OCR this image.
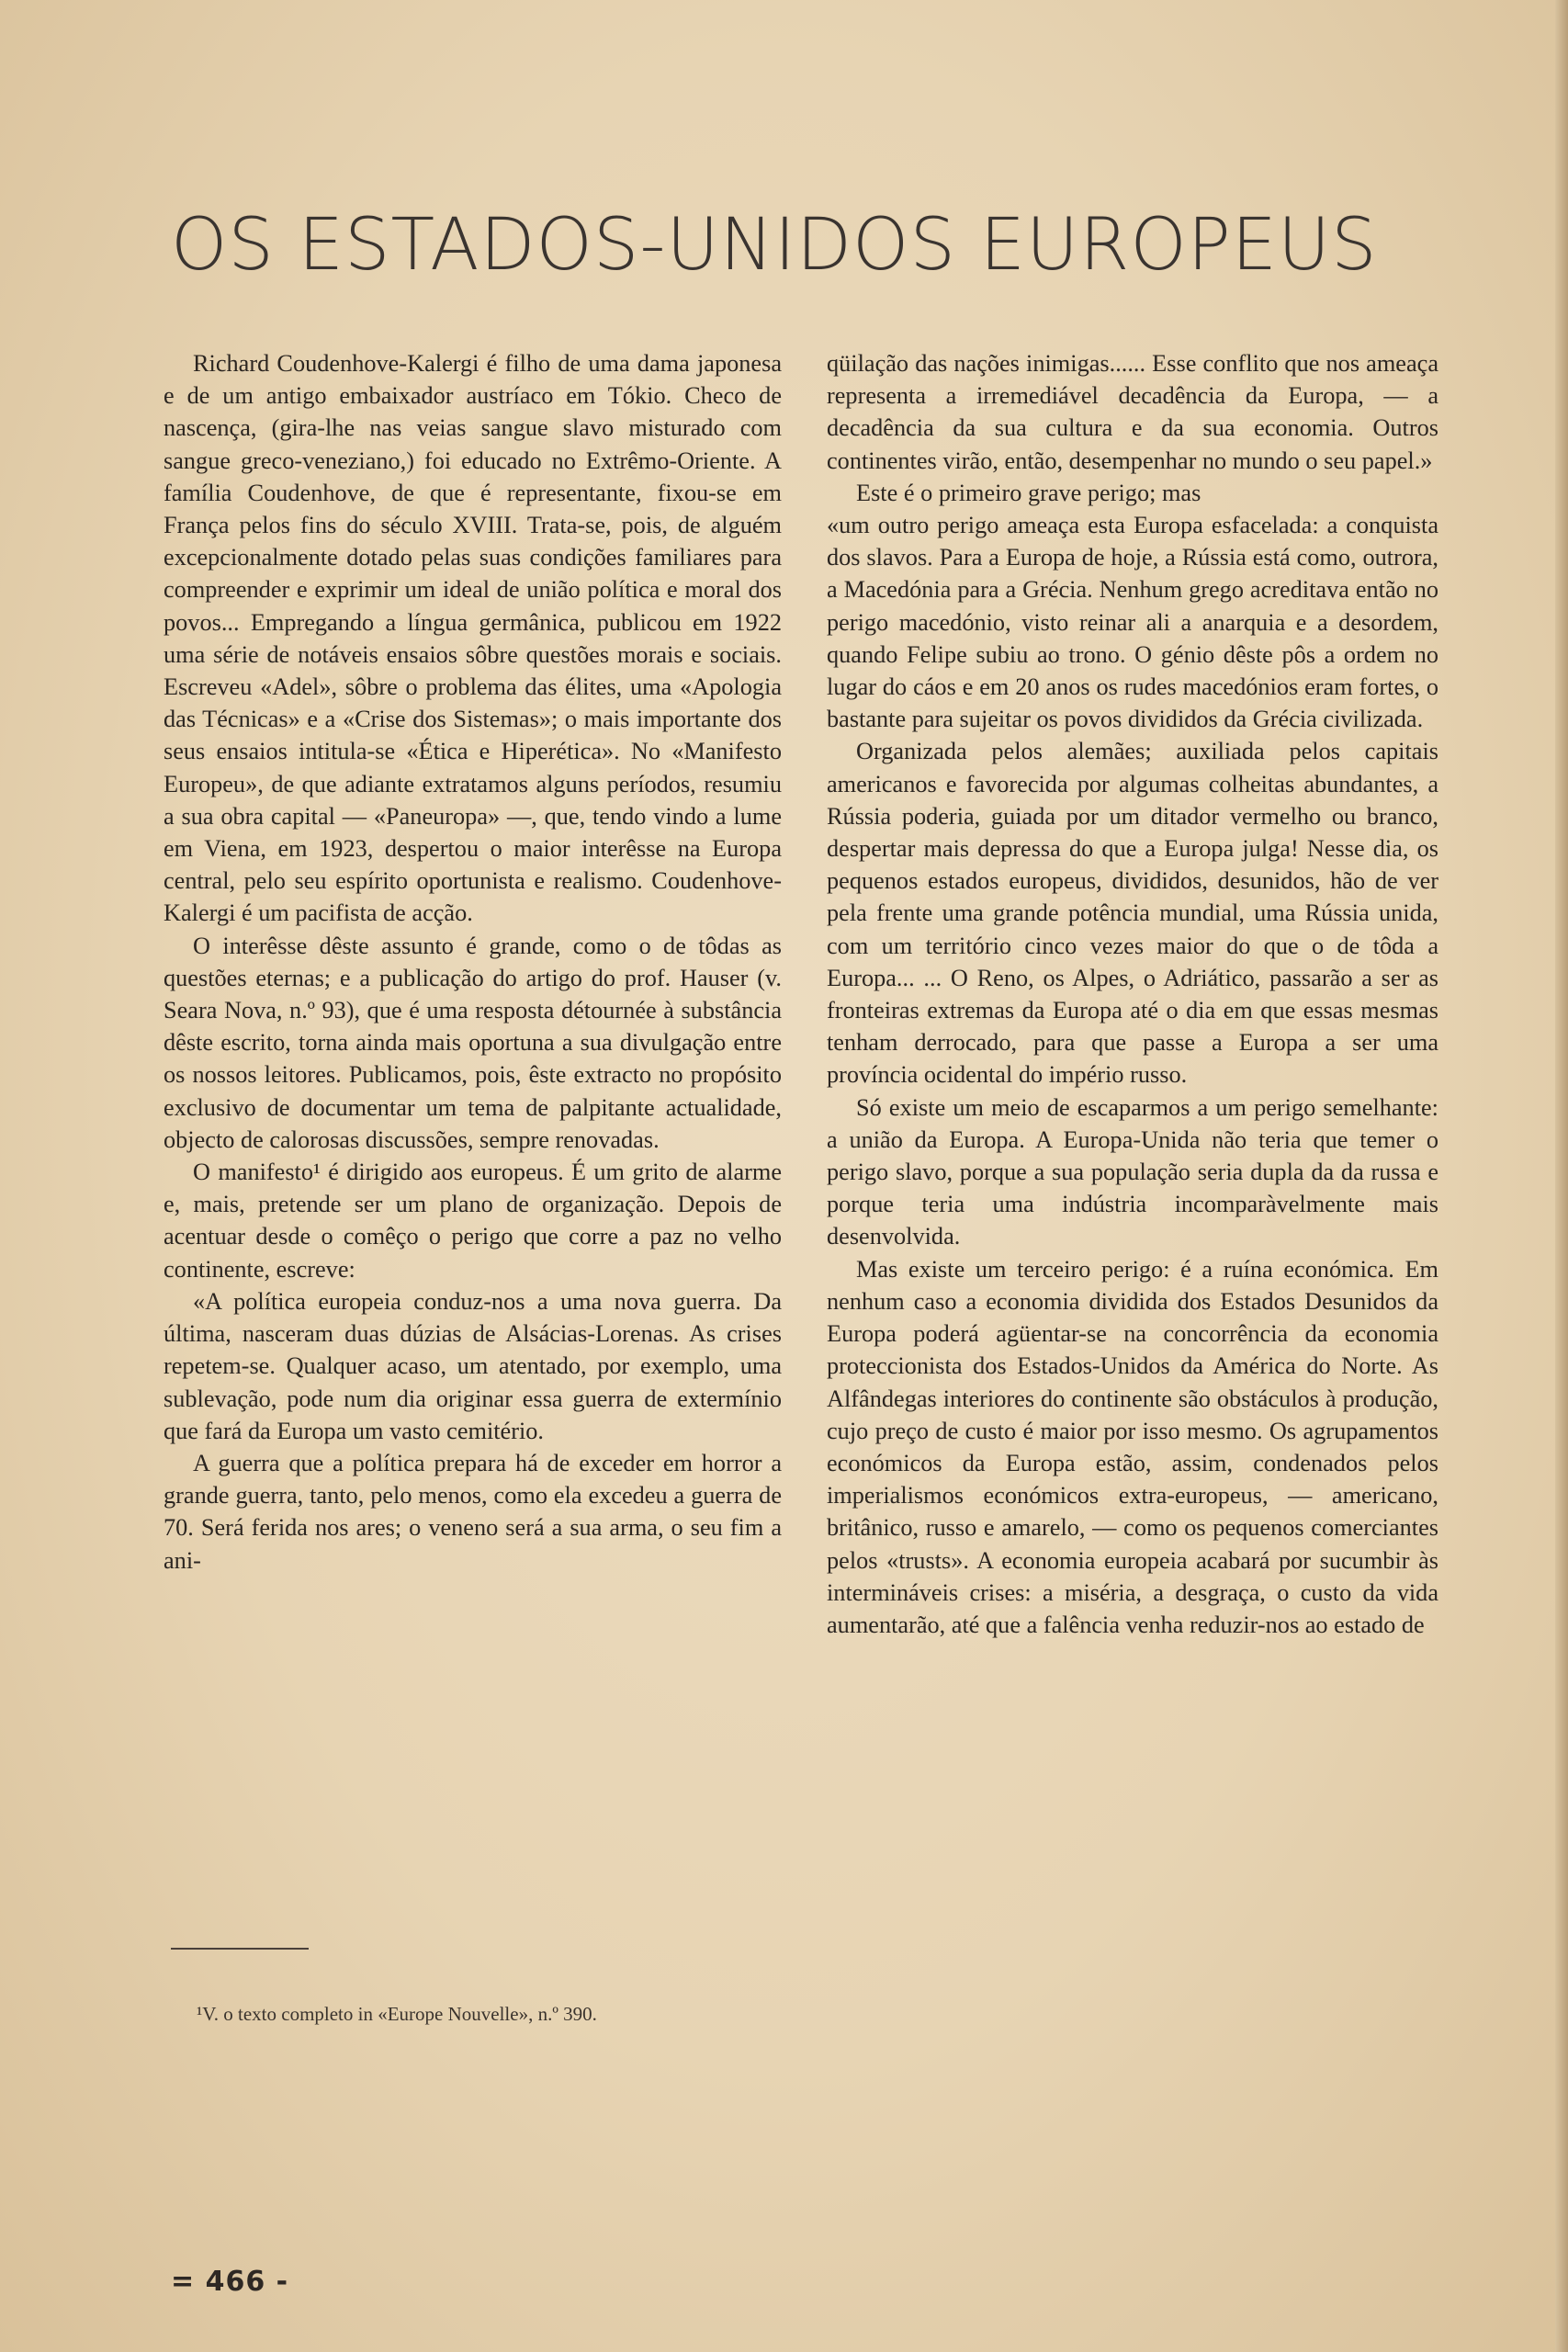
OS ESTADOS-UNIDOS EUROPEUS

Richard Coudenhove-Kalergi é filho de uma dama japonesa e de um antigo embaixador austríaco em Tókio. Checo de nascença, (gira-lhe nas veias sangue slavo misturado com sangue greco-veneziano,) foi educado no Extrêmo-Oriente. A família Coudenhove, de que é representante, fixou-se em França pelos fins do século XVIII. Trata-se, pois, de alguém excepcionalmente dotado pelas suas condições familiares para compreender e exprimir um ideal de união política e moral dos povos... Empregando a língua germânica, publicou em 1922 uma série de notáveis ensaios sôbre questões morais e sociais. Escreveu «Adel», sôbre o problema das élites, uma «Apologia das Técnicas» e a «Crise dos Sistemas»; o mais importante dos seus ensaios intitula-se «Ética e Hiperética». No «Manifesto Europeu», de que adiante extratamos alguns períodos, resumiu a sua obra capital — «Paneuropa» —, que, tendo vindo a lume em Viena, em 1923, despertou o maior interêsse na Europa central, pelo seu espírito oportunista e realismo. Coudenhove-Kalergi é um pacifista de acção.

O interêsse dêste assunto é grande, como o de tôdas as questões eternas; e a publicação do artigo do prof. Hauser (v. Seara Nova, n.º 93), que é uma resposta détournée à substância dêste escrito, torna ainda mais oportuna a sua divulgação entre os nossos leitores. Publicamos, pois, êste extracto no propósito exclusivo de documentar um tema de palpitante actualidade, objecto de calorosas discussões, sempre renovadas.

O manifesto¹ é dirigido aos europeus. É um grito de alarme e, mais, pretende ser um plano de organização. Depois de acentuar desde o comêço o perigo que corre a paz no velho continente, escreve:

«A política europeia conduz-nos a uma nova guerra. Da última, nasceram duas dúzias de Alsácias-Lorenas. As crises repetem-se. Qualquer acaso, um atentado, por exemplo, uma sublevação, pode num dia originar essa guerra de extermínio que fará da Europa um vasto cemitério.

A guerra que a política prepara há de exceder em horror a grande guerra, tanto, pelo menos, como ela excedeu a guerra de 70. Será ferida nos ares; o veneno será a sua arma, o seu fim a ani-

qüilação das nações inimigas...... Esse conflito que nos ameaça representa a irremediável decadência da Europa, — a decadência da sua cultura e da sua economia. Outros continentes virão, então, desempenhar no mundo o seu papel.»

Este é o primeiro grave perigo; mas

«um outro perigo ameaça esta Europa esfacelada: a conquista dos slavos. Para a Europa de hoje, a Rússia está como, outrora, a Macedónia para a Grécia. Nenhum grego acreditava então no perigo macedónio, visto reinar ali a anarquia e a desordem, quando Felipe subiu ao trono. O génio dêste pôs a ordem no lugar do cáos e em 20 anos os rudes macedónios eram fortes, o bastante para sujeitar os povos divididos da Grécia civilizada.

Organizada pelos alemães; auxiliada pelos capitais americanos e favorecida por algumas colheitas abundantes, a Rússia poderia, guiada por um ditador vermelho ou branco, despertar mais depressa do que a Europa julga! Nesse dia, os pequenos estados europeus, divididos, desunidos, hão de ver pela frente uma grande potência mundial, uma Rússia unida, com um território cinco vezes maior do que o de tôda a Europa... ... O Reno, os Alpes, o Adriático, passarão a ser as fronteiras extremas da Europa até o dia em que essas mesmas tenham derrocado, para que passe a Europa a ser uma província ocidental do império russo.

Só existe um meio de escaparmos a um perigo semelhante: a união da Europa. A Europa-Unida não teria que temer o perigo slavo, porque a sua população seria dupla da da russa e porque teria uma indústria incomparàvelmente mais desenvolvida.

Mas existe um terceiro perigo: é a ruína económica. Em nenhum caso a economia dividida dos Estados Desunidos da Europa poderá agüentar-se na concorrência da economia proteccionista dos Estados-Unidos da América do Norte. As Alfândegas interiores do continente são obstáculos à produção, cujo preço de custo é maior por isso mesmo. Os agrupamentos económicos da Europa estão, assim, condenados pelos imperialismos económicos extra-europeus, — americano, britânico, russo e amarelo, — como os pequenos comerciantes pelos «trusts». A economia europeia acabará por sucumbir às intermináveis crises: a miséria, a desgraça, o custo da vida aumentarão, até que a falência venha reduzir-nos ao estado de

¹V. o texto completo in «Europe Nouvelle», n.º 390.
= 466 -
